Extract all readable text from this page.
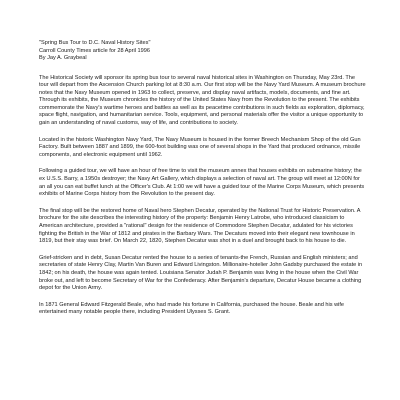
"Spring Bus Tour to D.C. Naval History Sites"
Carroll County Times article for 28 April 1996
By Jay A. Graybeal

The Historical Society will sponsor its spring bus tour to several naval historical sites in Washington on Thursday, May 23rd. The tour will depart from the Ascension Church parking lot at 8:30 a.m. Our first stop will be the Navy Yard Museum. A museum brochure notes that the Navy Museum opened in 1963 to collect, preserve, and display naval artifacts, models, documents, and fine art. Through its exhibits, the Museum chronicles the history of the United States Navy from the Revolution to the present. The exhibits commemorate the Navy's wartime heroes and battles as well as its peacetime contributions in such fields as exploration, diplomacy, space flight, navigation, and humanitarian service. Tools, equipment, and personal materials offer the visitor a unique opportunity to gain an understanding of naval customs, way of life, and contributions to society.

Located in the historic Washington Navy Yard, The Navy Museum is housed in the former Breech Mechanism Shop of the old Gun Factory. Built between 1887 and 1899, the 600-foot building was one of several shops in the Yard that produced ordnance, missile components, and electronic equipment until 1962.

Following a guided tour, we will have an hour of free time to visit the museum annex that houses exhibits on submarine history; the ex U.S.S. Barry, a 1950s destroyer; the Navy Art Gallery, which displays a selection of naval art. The group will meet at 12:00N for an all you can eat buffet lunch at the Officer's Club. At 1:00 we will have a guided tour of the Marine Corps Museum, which presents exhibits of Marine Corps history from the Revolution to the present day.

The final stop will be the restored home of Naval hero Stephen Decatur, operated by the National Trust for Historic Preservation. A brochure for the site describes the interesting history of the property: Benjamin Henry Latrobe, who introduced classicism to American architecture, provided a "rational" design for the residence of Commodore Stephen Decatur, adulated for his victories fighting the British in the War of 1812 and pirates in the Barbary Wars. The Decaturs moved into their elegant new townhouse in 1819, but their stay was brief. On March 22, 1820, Stephen Decatur was shot in a duel and brought back to his house to die.

Grief-stricken and in debt, Susan Decatur rented the house to a series of tenants-the French, Russian and English ministers; and secretaries of state Henry Clay, Martin Van Buren and Edward Livingston. Millionaire-hotelier John Gadsby purchased the estate in 1842; on his death, the house was again tented. Louisiana Senator Judah P. Benjamin was living in the house when the Civil War broke out, and left to become Secretary of War for the Confederacy. After Benjamin's departure, Decatur House became a clothing depot for the Union Army.

In 1871 General Edward Fitzgerald Beale, who had made his fortune in California, purchased the house. Beale and his wife entertained many notable people there, including President Ulysses S. Grant.
